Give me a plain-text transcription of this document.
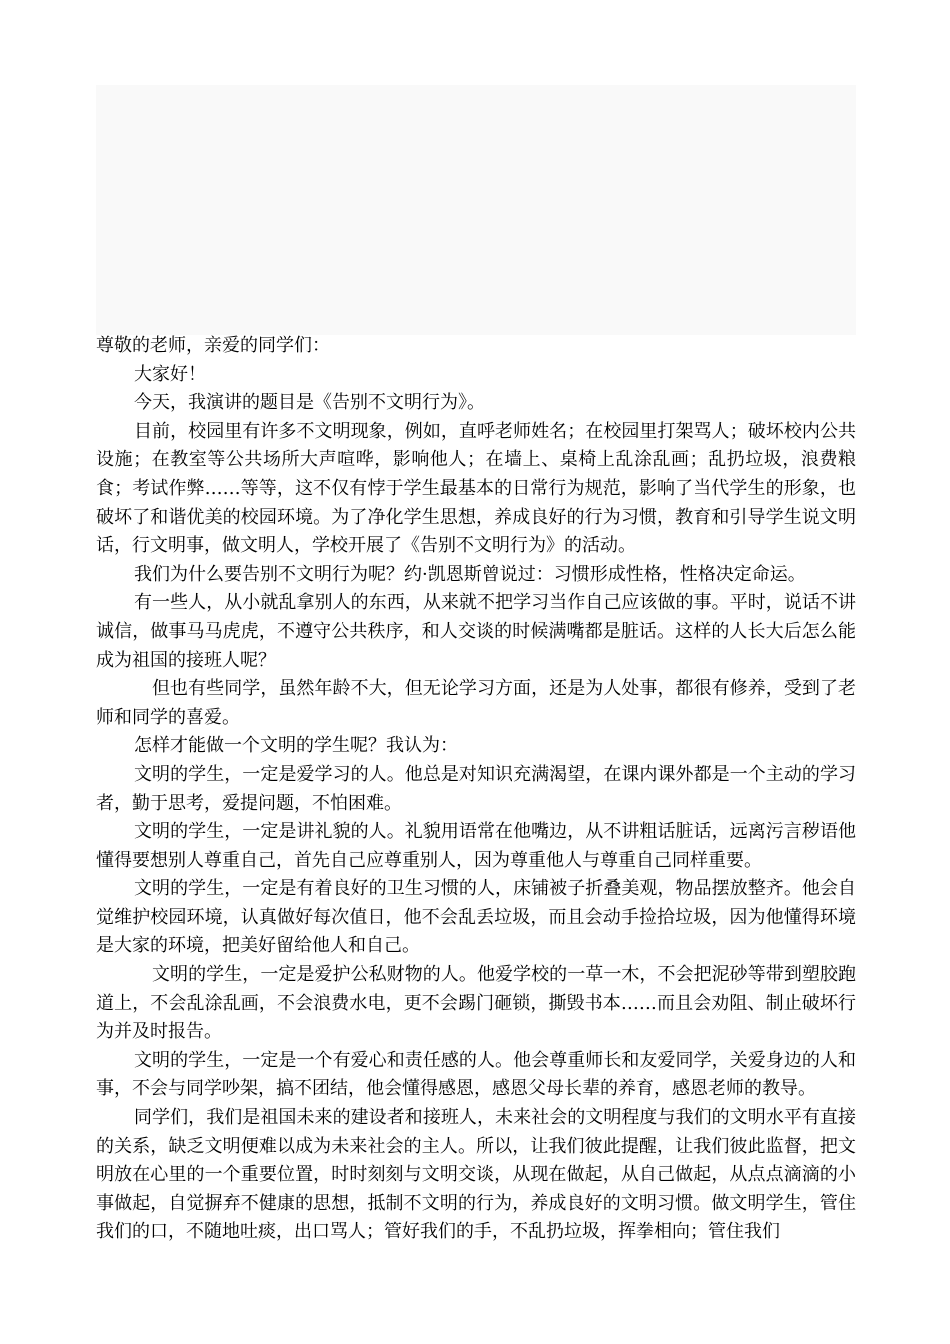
尊敬的老师，亲爱的同学们：

大家好！

今天，我演讲的题目是《告别不文明行为》。

目前，校园里有许多不文明现象，例如，直呼老师姓名；在校园里打架骂人；破坏校内公共设施；在教室等公共场所大声喧哗，影响他人；在墙上、桌椅上乱涂乱画；乱扔垃圾，浪费粮食；考试作弊……等等，这不仅有悖于学生最基本的日常行为规范，影响了当代学生的形象，也破坏了和谐优美的校园环境。为了净化学生思想，养成良好的行为习惯，教育和引导学生说文明话，行文明事，做文明人，学校开展了《告别不文明行为》的活动。

我们为什么要告别不文明行为呢？约·凯恩斯曾说过：习惯形成性格，性格决定命运。

有一些人，从小就乱拿别人的东西，从来就不把学习当作自己应该做的事。平时，说话不讲诚信，做事马马虎虎，不遵守公共秩序，和人交谈的时候满嘴都是脏话。这样的人长大后怎么能成为祖国的接班人呢？

但也有些同学，虽然年龄不大，但无论学习方面，还是为人处事，都很有修养，受到了老师和同学的喜爱。

怎样才能做一个文明的学生呢？我认为：

文明的学生，一定是爱学习的人。他总是对知识充满渴望，在课内课外都是一个主动的学习者，勤于思考，爱提问题，不怕困难。

文明的学生，一定是讲礼貌的人。礼貌用语常在他嘴边，从不讲粗话脏话，远离污言秽语他懂得要想别人尊重自己，首先自己应尊重别人，因为尊重他人与尊重自己同样重要。

文明的学生，一定是有着良好的卫生习惯的人，床铺被子折叠美观，物品摆放整齐。他会自觉维护校园环境，认真做好每次值日，他不会乱丢垃圾，而且会动手捡拾垃圾，因为他懂得环境是大家的环境，把美好留给他人和自己。

文明的学生，一定是爱护公私财物的人。他爱学校的一草一木，不会把泥砂等带到塑胶跑道上，不会乱涂乱画，不会浪费水电，更不会踢门砸锁，撕毁书本……而且会劝阻、制止破坏行为并及时报告。

文明的学生，一定是一个有爱心和责任感的人。他会尊重师长和友爱同学，关爱身边的人和事，不会与同学吵架，搞不团结，他会懂得感恩，感恩父母长辈的养育，感恩老师的教导。

同学们，我们是祖国未来的建设者和接班人，未来社会的文明程度与我们的文明水平有直接的关系，缺乏文明便难以成为未来社会的主人。所以，让我们彼此提醒，让我们彼此监督，把文明放在心里的一个重要位置，时时刻刻与文明交谈，从现在做起，从自己做起，从点点滴滴的小事做起，自觉摒弃不健康的思想，抵制不文明的行为，养成良好的文明习惯。做文明学生，管住我们的口，不随地吐痰，出口骂人；管好我们的手，不乱扔垃圾，挥拳相向；管住我们
